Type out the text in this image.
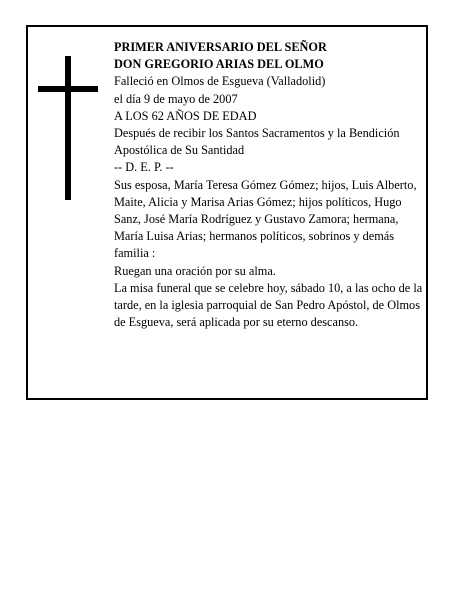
PRIMER ANIVERSARIO DEL SEÑOR

DON GREGORIO ARIAS DEL OLMO

Falleció en Olmos de Esgueva (Valladolid)

el día 9 de mayo de 2007

A LOS 62 AÑOS DE EDAD

Después de recibir los Santos Sacramentos y la Bendición Apostólica de Su Santidad

-- D. E. P. --

Sus esposa, María Teresa Gómez Gómez; hijos, Luis Alberto, Maite, Alicia y Marisa Arias Gómez; hijos políticos, Hugo Sanz, José María Rodríguez y Gustavo Zamora; hermana, María Luisa Arias; hermanos políticos, sobrinos y demás familia :

Ruegan una oración por su alma.

La misa funeral que se celebre hoy, sábado 10, a las ocho de la tarde, en la iglesia parroquial de San Pedro Apóstol, de Olmos de Esgueva, será aplicada por su eterno descanso.
